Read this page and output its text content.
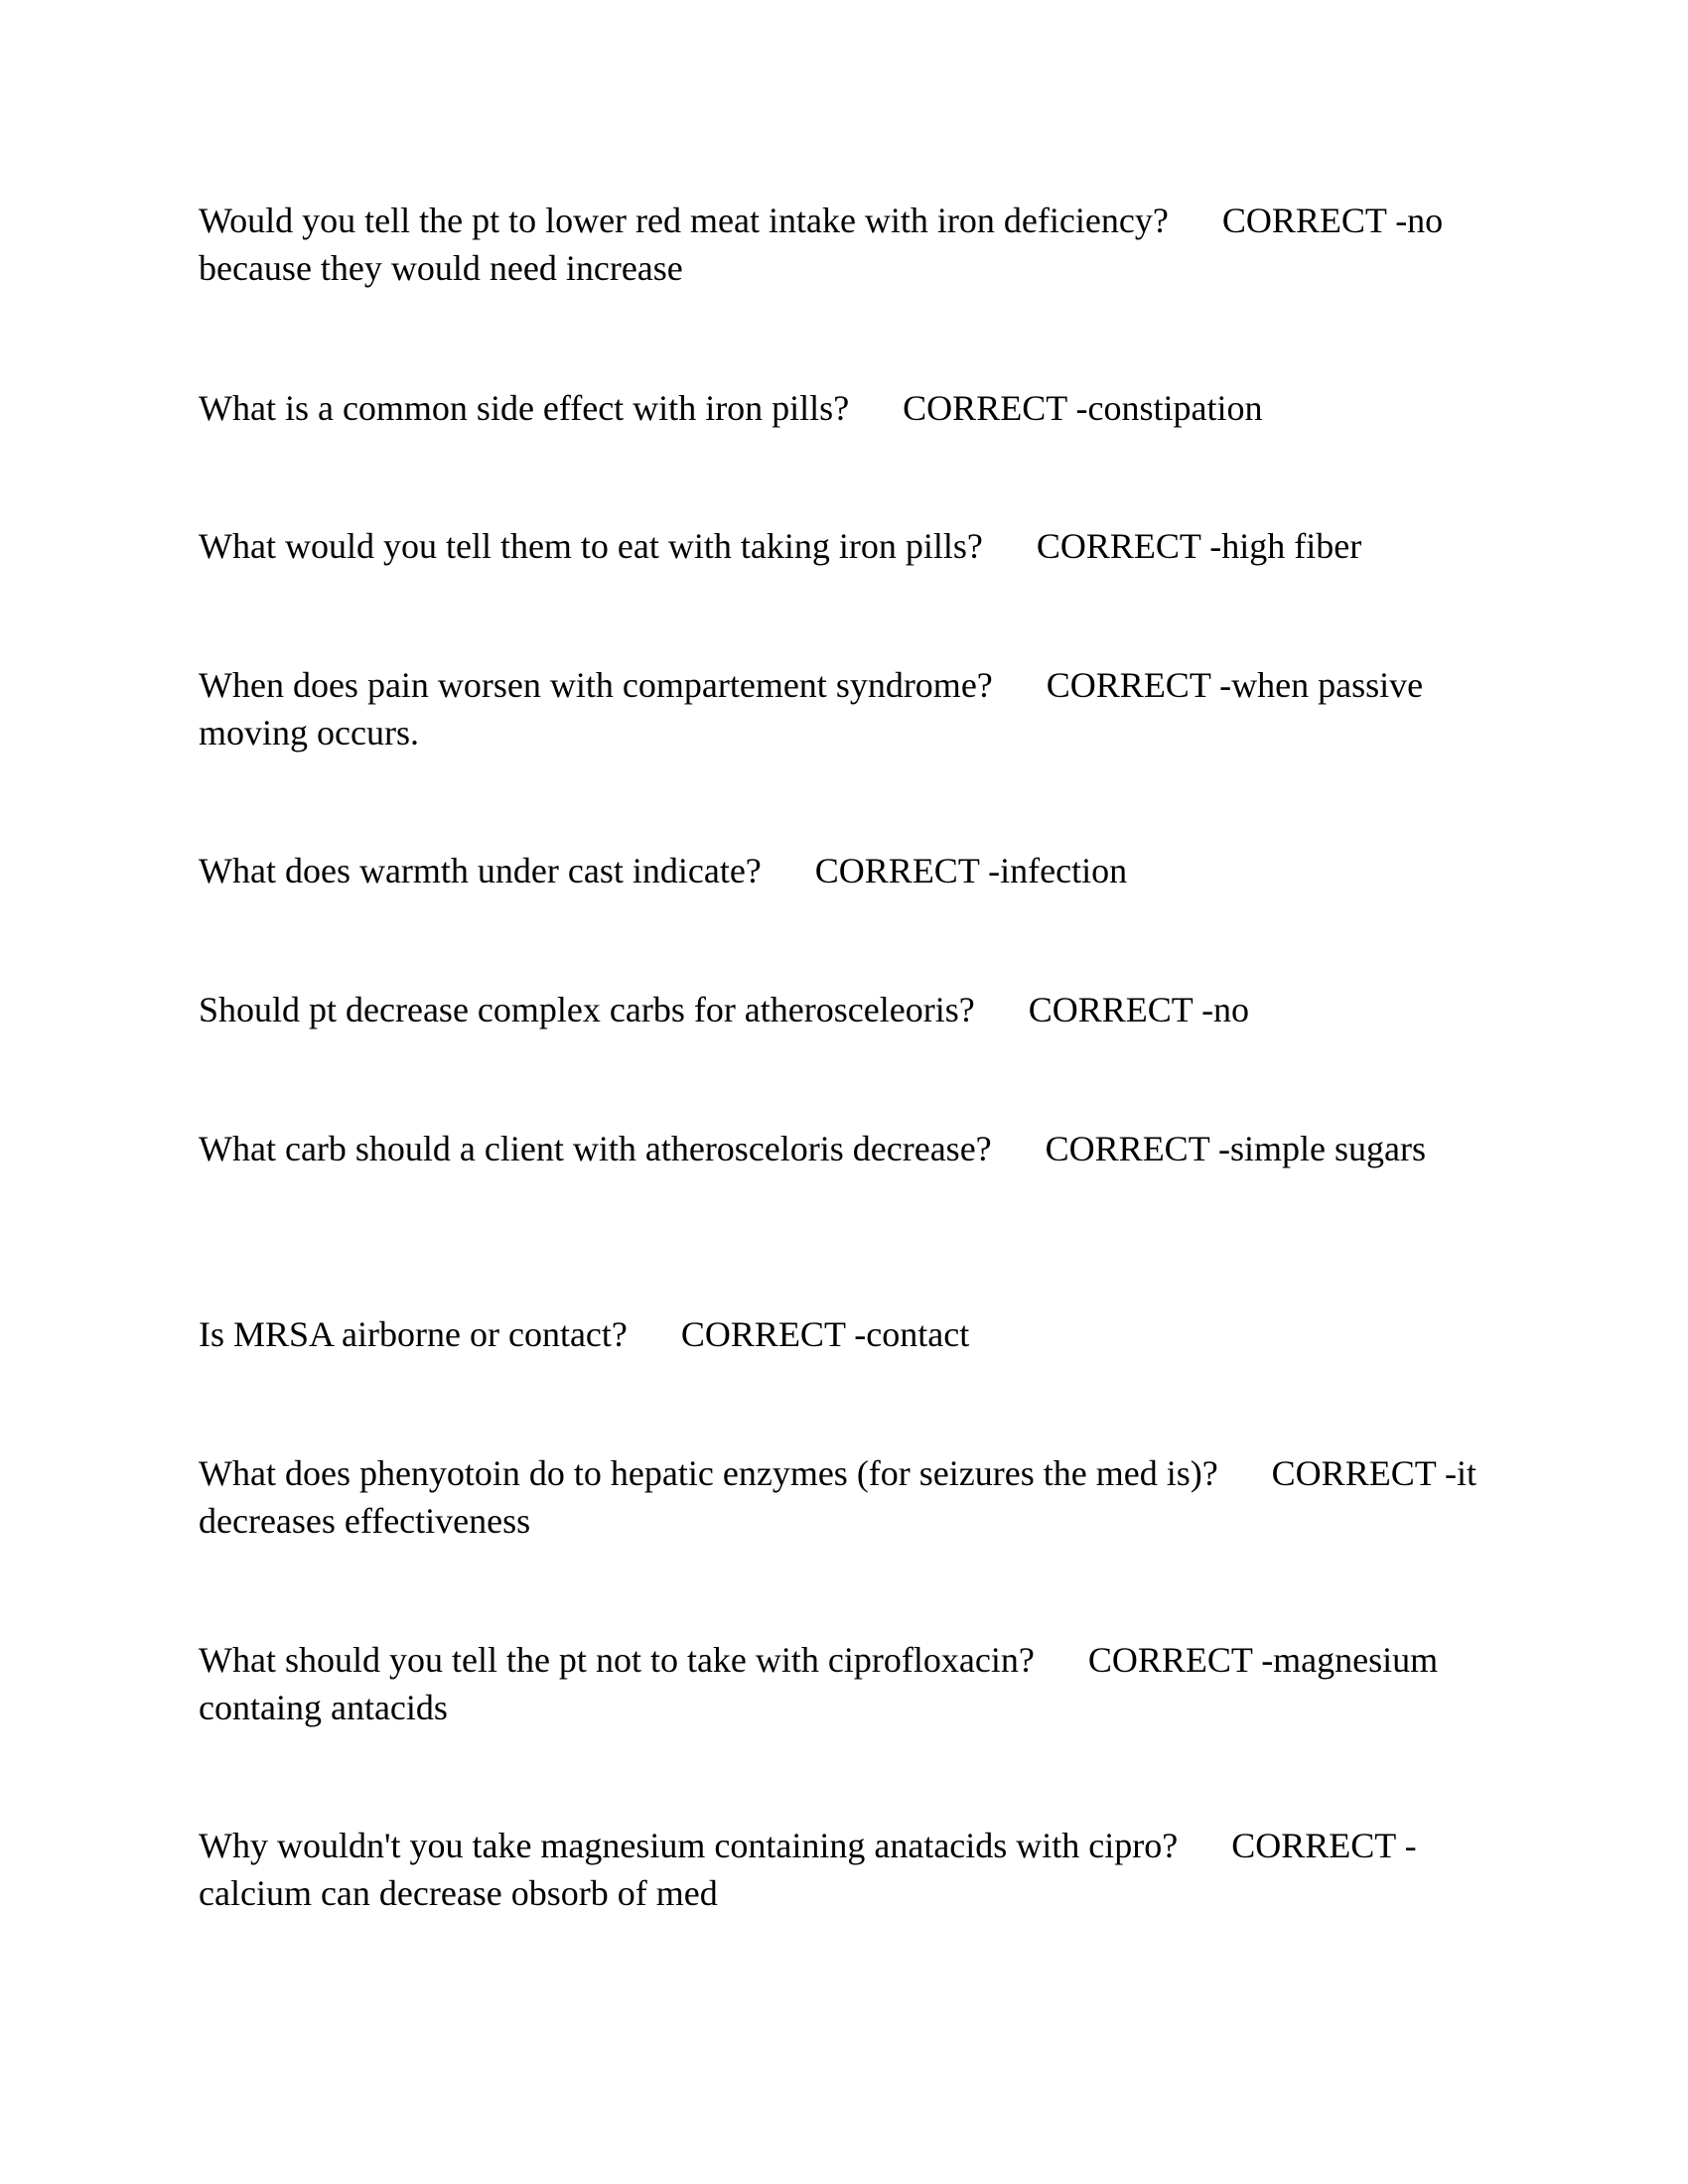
Would you tell the pt to lower red meat intake with iron deficiency? CORRECT -no because they would need increase
What is a common side effect with iron pills? CORRECT -constipation
What would you tell them to eat with taking iron pills? CORRECT -high fiber
When does pain worsen with compartement syndrome? CORRECT -when passive moving occurs.
What does warmth under cast indicate? CORRECT -infection
Should pt decrease complex carbs for atherosceleoris? CORRECT -no
What carb should a client with atherosceloris decrease? CORRECT -simple sugars
Is MRSA airborne or contact? CORRECT -contact
What does phenyotoin do to hepatic enzymes (for seizures the med is)? CORRECT -it decreases effectiveness
What should you tell the pt not to take with ciprofloxacin? CORRECT -magnesium containg antacids
Why wouldn't you take magnesium containing anatacids with cipro? CORRECT -calcium can decrease obsorb of med
